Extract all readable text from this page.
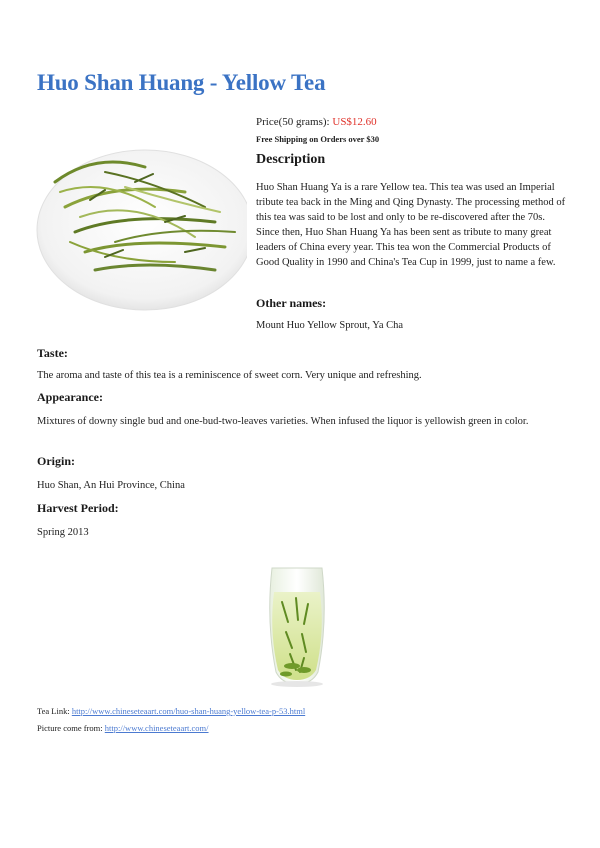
Huo Shan Huang - Yellow Tea
Price(50 grams): US$12.60
Free Shipping on Orders over $30
Description

Huo Shan Huang Ya is a rare Yellow tea. This tea was used an Imperial tribute tea back in the Ming and Qing Dynasty. The processing method of this tea was said to be lost and only to be re-discovered after the 70s. Since then, Huo Shan Huang Ya has been sent as tribute to many great leaders of China every year. This tea won the Commercial Products of Good Quality in 1990 and China's Tea Cup in 1999, just to name a few.

Other names:

Mount Huo Yellow Sprout, Ya Cha

Taste:

The aroma and taste of this tea is a reminiscence of sweet corn. Very unique and refreshing.

Appearance:

Mixtures of downy single bud and one-bud-two-leaves varieties. When infused the liquor is yellowish green in color.

Origin:

Huo Shan, An Hui Province, China

Harvest Period:

Spring 2013

Tea Link: http://www.chineseteaart.com/huo-shan-huang-yellow-tea-p-53.html
Picture come from: http://www.chineseteaart.com/
